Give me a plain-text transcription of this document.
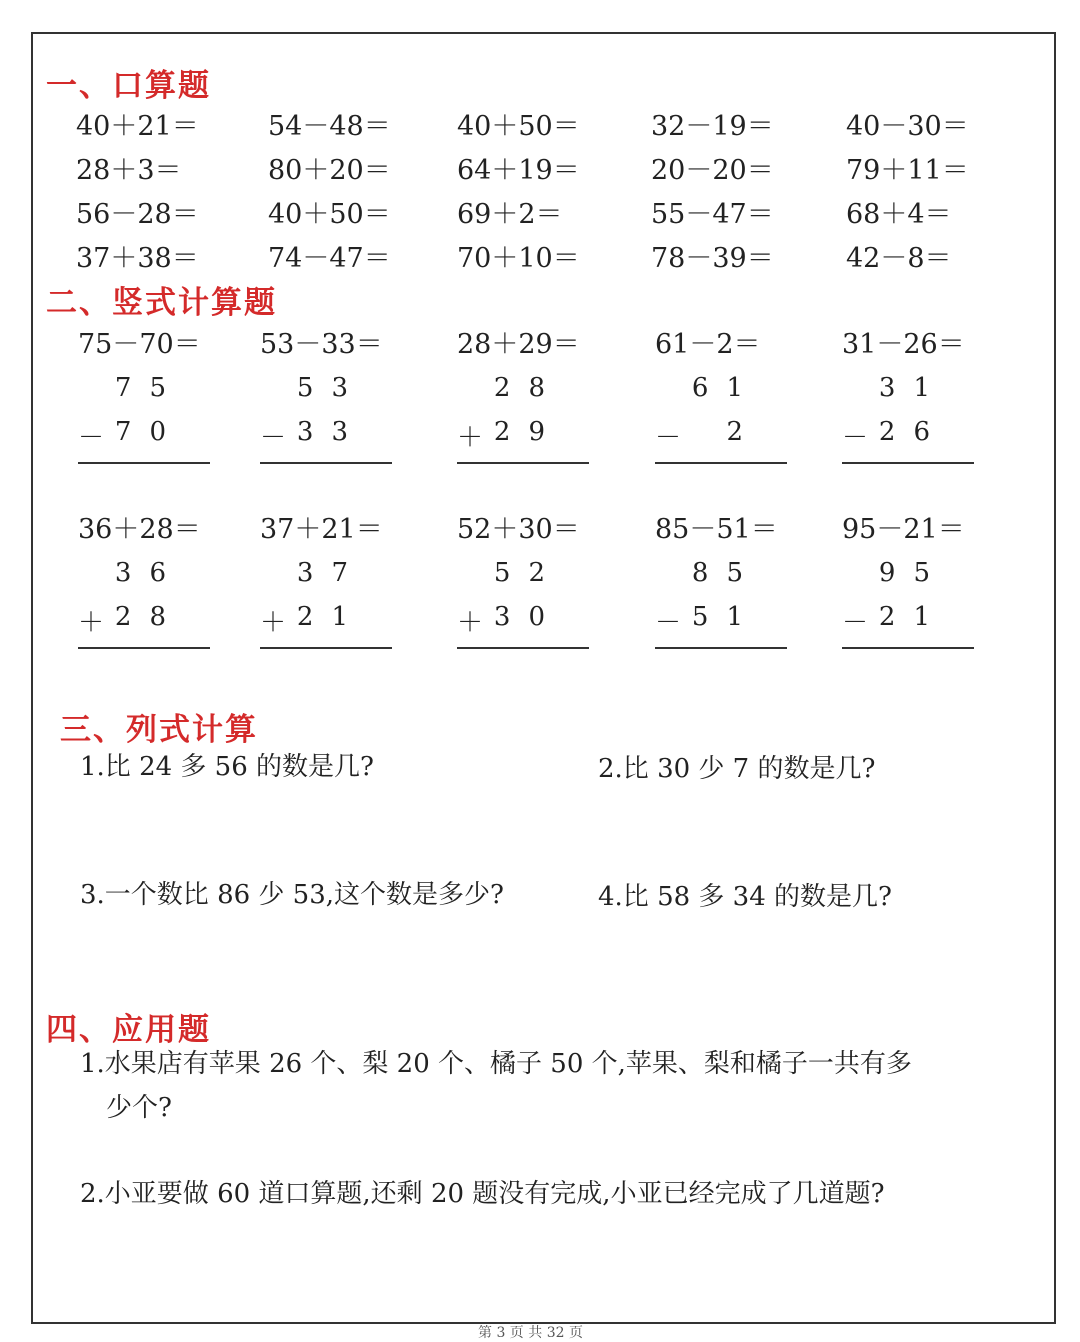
一、口算题
40＋21＝	54－48＝ 40＋50＝	32－19＝	40－30＝
28＋3＝	80＋20＝ 64＋19＝	20－20＝	79＋11＝
56－28＝	40＋50＝ 69＋2＝	55－47＝	68＋4＝
37＋38＝	74－47＝ 70＋10＝	78－39＝	42－8＝
二、竖式计算题
75－70＝
75
－ 70
53－33＝
53
－ 33
28＋29＝
28
＋ 29
61－2＝
61
－ 2
31－26＝
31
－ 26
36＋28＝
36
＋ 28
37＋21＝
37
＋ 21
52＋30＝
52
＋ 30
85－51＝
85
－ 51
95－21＝
95
－ 21
三、列式计算
1.比 24 多 56 的数是几?	2.比 30 少 7 的数是几?
3.一个数比 86 少 53,这个数是多少?	4.比 58 多 34 的数是几?
四、应用题
1.水果店有苹果 26 个、梨 20 个、橘子 50 个,苹果、梨和橘子一共有多
少个?
2.小亚要做 60 道口算题,还剩 20 题没有完成,小亚已经完成了几道题?
第 3 页 共 32 页
